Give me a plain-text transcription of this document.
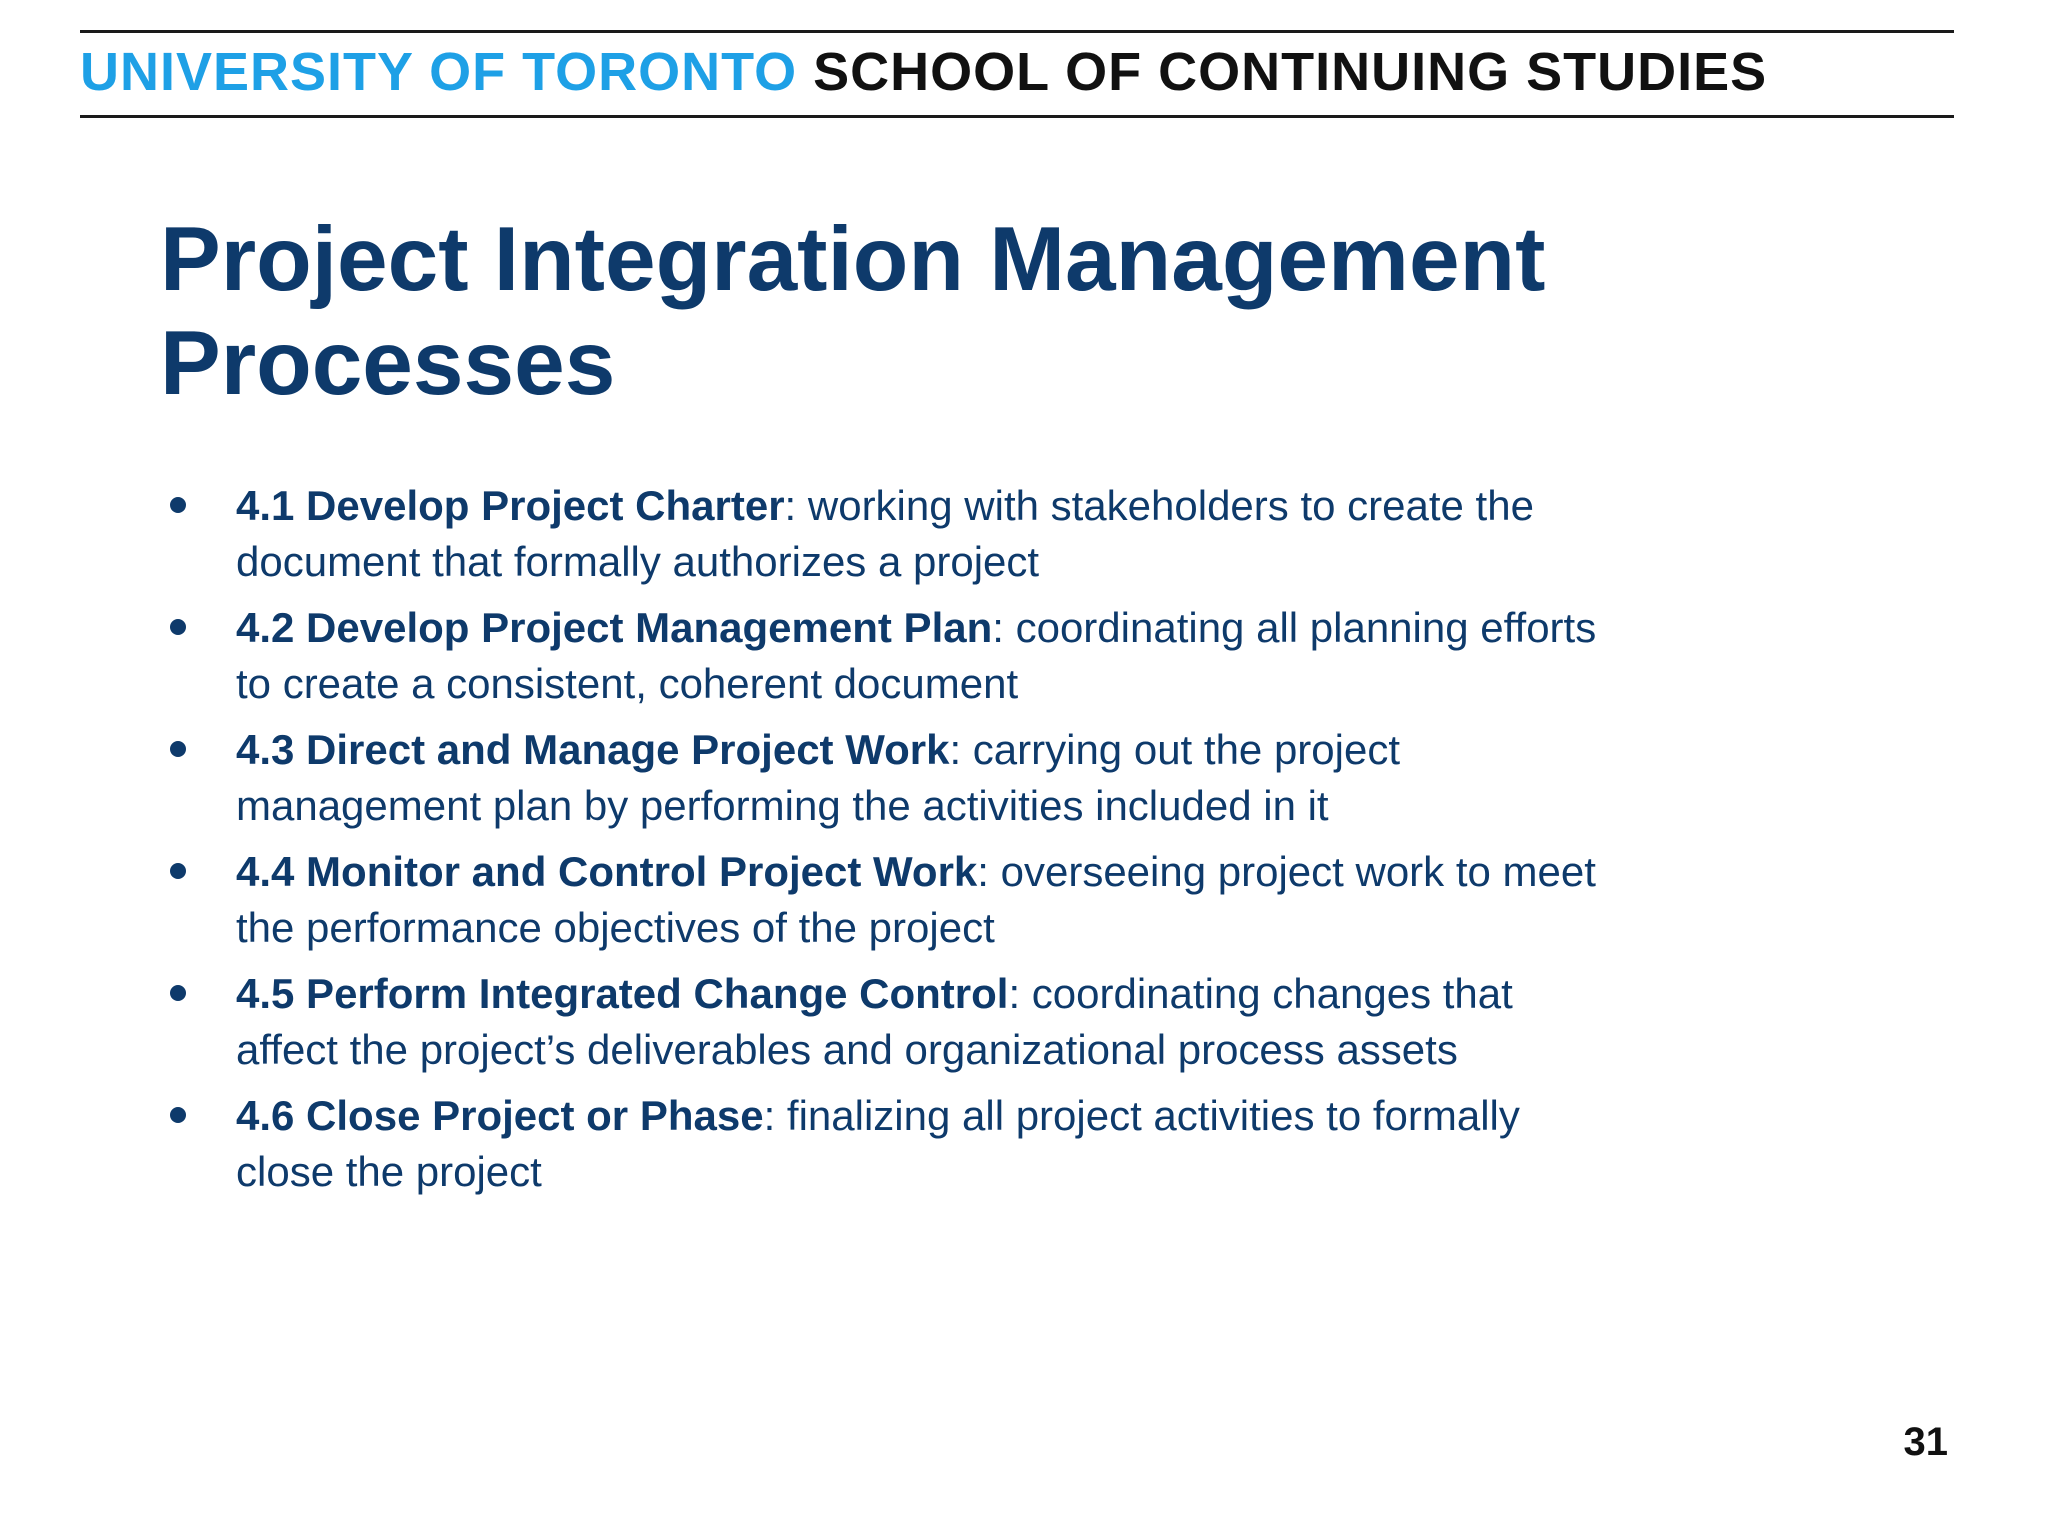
UNIVERSITY OF TORONTO SCHOOL OF CONTINUING STUDIES
Project Integration Management
Processes
4.1 Develop Project Charter: working with stakeholders to create the document that formally authorizes a project
4.2 Develop Project Management Plan: coordinating all planning efforts to create a consistent, coherent document
4.3 Direct and Manage Project Work: carrying out the project management plan by performing the activities included in it
4.4 Monitor and Control Project Work: overseeing project work to meet the performance objectives of the project
4.5 Perform Integrated Change Control: coordinating changes that affect the project’s deliverables and organizational process assets
4.6 Close Project or Phase: finalizing all project activities to formally close the project
31
